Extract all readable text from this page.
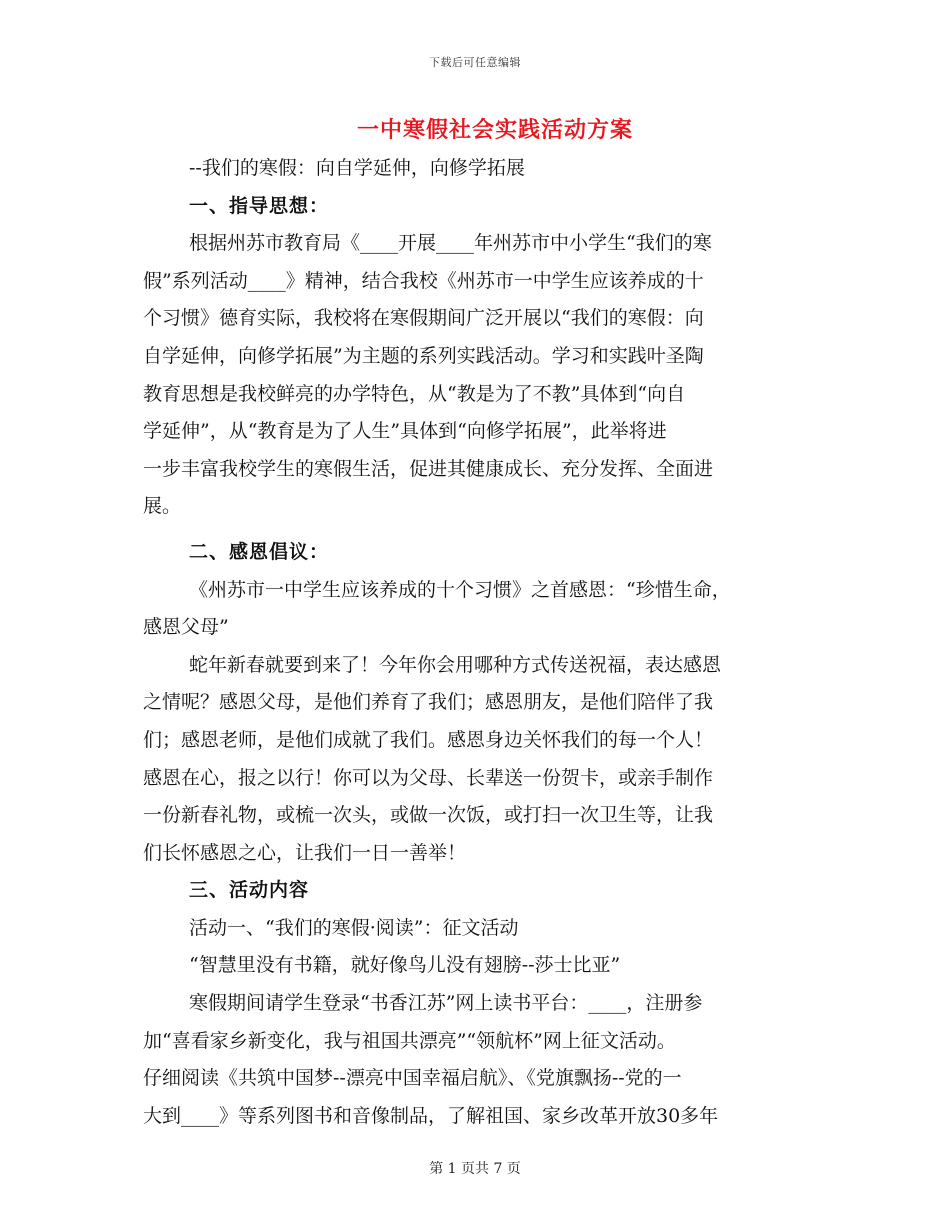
下载后可任意编辑
一中寒假社会实践活动方案
--我们的寒假：向自学延伸，向修学拓展
一、指导思想：
根据州苏市教育局《____开展____年州苏市中小学生“我们的寒
假”系列活动____》精神，结合我校《州苏市一中学生应该养成的十
个习惯》德育实际，我校将在寒假期间广泛开展以“我们的寒假：向
自学延伸，向修学拓展”为主题的系列实践活动。学习和实践叶圣陶
教育思想是我校鲜亮的办学特色，从“教是为了不教”具体到“向自
学延伸”，从“教育是为了人生”具体到“向修学拓展”，此举将进
一步丰富我校学生的寒假生活，促进其健康成长、充分发挥、全面进
展。
二、感恩倡议：
《州苏市一中学生应该养成的十个习惯》之首感恩：“珍惜生命，
感恩父母”
蛇年新春就要到来了！今年你会用哪种方式传送祝福，表达感恩
之情呢？感恩父母，是他们养育了我们；感恩朋友，是他们陪伴了我
们；感恩老师，是他们成就了我们。感恩身边关怀我们的每一个人！
感恩在心，报之以行！你可以为父母、长辈送一份贺卡，或亲手制作
一份新春礼物，或梳一次头，或做一次饭，或打扫一次卫生等，让我
们长怀感恩之心，让我们一日一善举！
三、活动内容
活动一、“我们的寒假·阅读”：征文活动
“智慧里没有书籍，就好像鸟儿没有翅膀--莎士比亚”
寒假期间请学生登录“书香江苏”网上读书平台：____，注册参
加“喜看家乡新变化，我与祖国共漂亮”“领航杯”网上征文活动。
仔细阅读《共筑中国梦--漂亮中国幸福启航》、《党旗飘扬--党的一
大到____》等系列图书和音像制品，了解祖国、家乡改革开放30多年
第 1 页共 7 页
